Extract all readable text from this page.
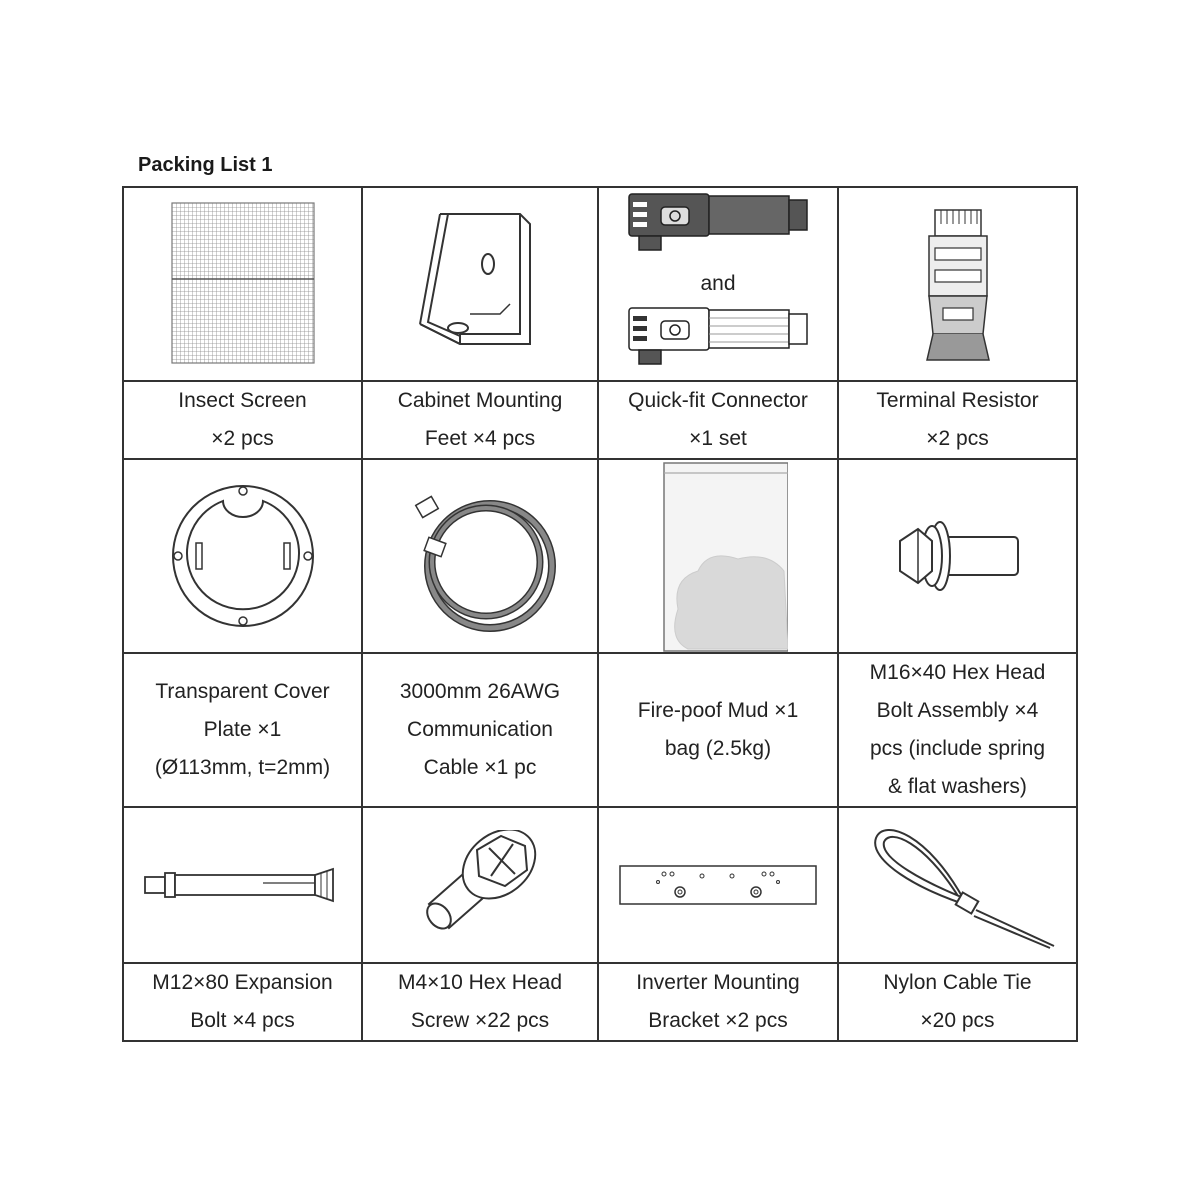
Packing List 1
and
Insect Screen
×2 pcs
Cabinet Mounting
Feet ×4 pcs
Quick-fit Connector
×1 set
Terminal Resistor
×2 pcs
Transparent Cover
Plate ×1
(Ø113mm, t=2mm)
3000mm 26AWG
Communication
Cable ×1 pc
Fire-poof Mud ×1
bag (2.5kg)
M16×40 Hex Head
Bolt Assembly ×4
pcs (include spring
& flat washers)
M12×80 Expansion
Bolt ×4 pcs
M4×10 Hex Head
Screw ×22 pcs
Inverter Mounting
Bracket ×2 pcs
Nylon Cable Tie
×20 pcs
